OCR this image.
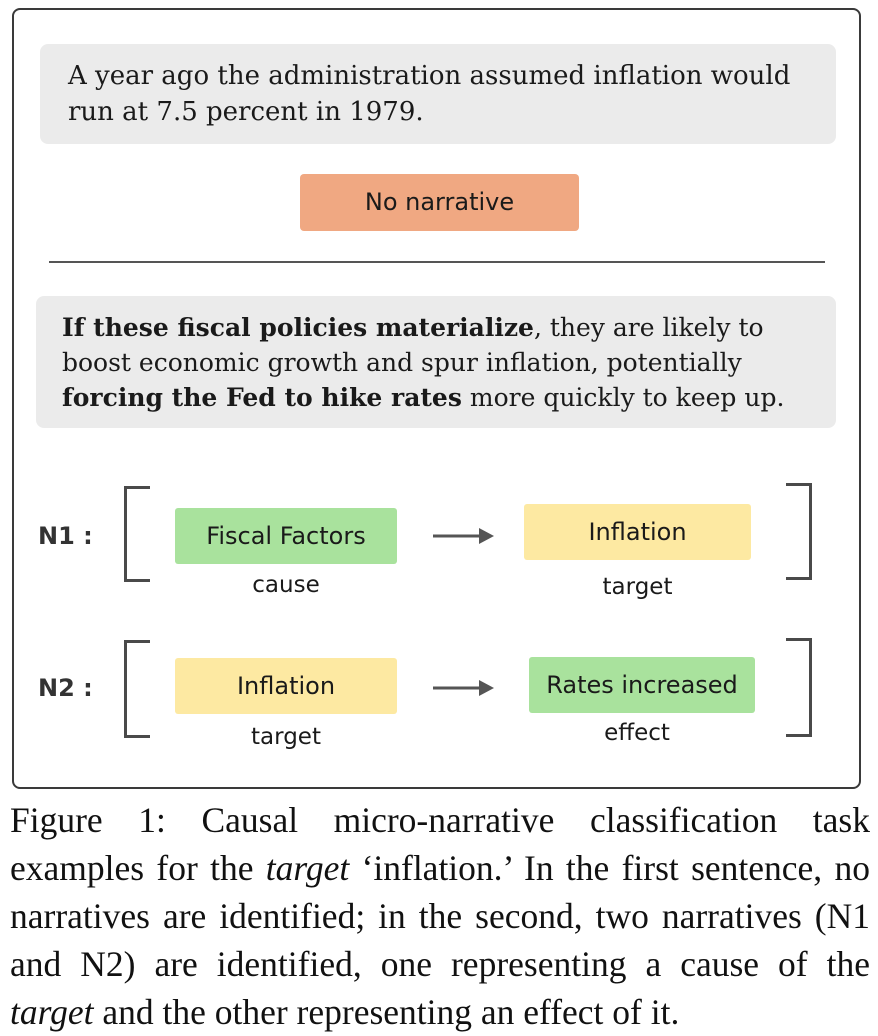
A year ago the administration assumed inflation would run at 7.5 percent in 1979.
No narrative
If these fiscal policies materialize, they are likely to boost economic growth and spur inflation, potentially forcing the Fed to hike rates more quickly to keep up.
N1 :	Fiscal Factors
cause
Inflation
target
N2 :	Inflation
target
Rates increased
effect
Figure 1: Causal micro-narrative classification task examples for the target ‘inflation.’ In the first sentence, no narratives are identified; in the second, two narratives (N1 and N2) are identified, one representing a cause of the target and the other representing an effect of it.
